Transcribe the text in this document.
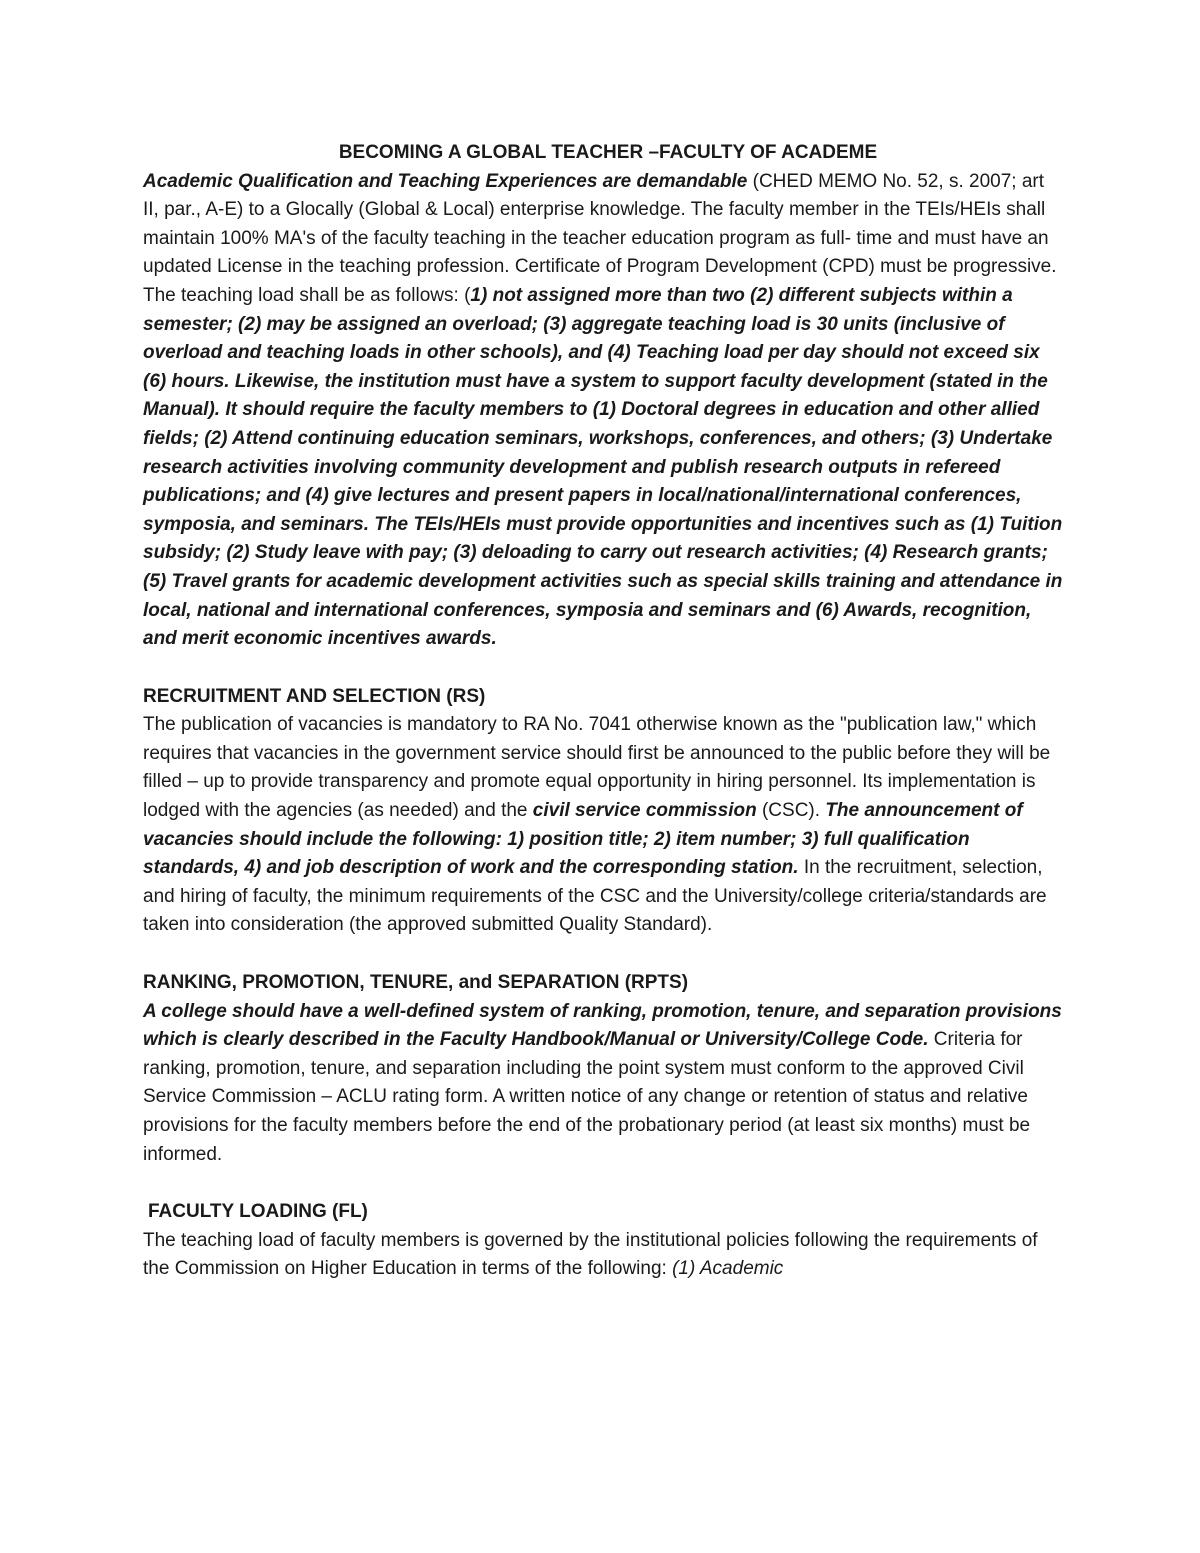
BECOMING A GLOBAL TEACHER –FACULTY OF ACADEME

Academic Qualification and Teaching Experiences are demandable (CHED MEMO No. 52, s. 2007; art II, par., A-E) to a Glocally (Global & Local) enterprise knowledge. The faculty member in the TEIs/HEIs shall maintain 100% MA's of the faculty teaching in the teacher education program as full- time and must have an updated License in the teaching profession. Certificate of Program Development (CPD) must be progressive. The teaching load shall be as follows: (1) not assigned more than two (2) different subjects within a semester; (2) may be assigned an overload; (3) aggregate teaching load is 30 units (inclusive of overload and teaching loads in other schools), and (4) Teaching load per day should not exceed six (6) hours. Likewise, the institution must have a system to support faculty development (stated in the Manual). It should require the faculty members to (1) Doctoral degrees in education and other allied fields; (2) Attend continuing education seminars, workshops, conferences, and others; (3) Undertake research activities involving community development and publish research outputs in refereed publications; and (4) give lectures and present papers in local/national/international conferences, symposia, and seminars. The TEIs/HEIs must provide opportunities and incentives such as (1) Tuition subsidy; (2) Study leave with pay; (3) deloading to carry out research activities; (4) Research grants; (5) Travel grants for academic development activities such as special skills training and attendance in local, national and international conferences, symposia and seminars and (6) Awards, recognition, and merit economic incentives awards.

RECRUITMENT AND SELECTION (RS)

The publication of vacancies is mandatory to RA No. 7041 otherwise known as the "publication law," which requires that vacancies in the government service should first be announced to the public before they will be filled – up to provide transparency and promote equal opportunity in hiring personnel. Its implementation is lodged with the agencies (as needed) and the civil service commission (CSC). The announcement of vacancies should include the following: 1) position title; 2) item number; 3) full qualification standards, 4) and job description of work and the corresponding station. In the recruitment, selection, and hiring of faculty, the minimum requirements of the CSC and the University/college criteria/standards are taken into consideration (the approved submitted Quality Standard).

RANKING, PROMOTION, TENURE, and SEPARATION (RPTS)

A college should have a well-defined system of ranking, promotion, tenure, and separation provisions which is clearly described in the Faculty Handbook/Manual or University/College Code. Criteria for ranking, promotion, tenure, and separation including the point system must conform to the approved Civil Service Commission – ACLU rating form. A written notice of any change or retention of status and relative provisions for the faculty members before the end of the probationary period (at least six months) must be informed.

FACULTY LOADING (FL)

The teaching load of faculty members is governed by the institutional policies following the requirements of the Commission on Higher Education in terms of the following: (1) Academic
